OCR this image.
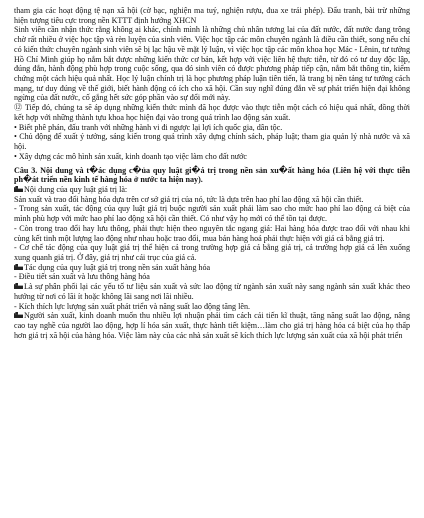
tham gia các hoạt động tệ nạn xã hội (cờ bạc, nghiện ma tuý, nghiện rượu, đua xe trái phép). Đấu tranh, bài trừ những hiện tượng tiêu cực trong nền KTTT định hướng XHCN

Sinh viên cần nhận thức rằng không ai khác, chính mình là những chủ nhân tương lai của đất nước, đất nước đang trông chờ rất nhiều ở việc học tập và rèn luyện của sinh viên. Việc học tập các môn chuyên ngành là điều cần thiết, song nếu chỉ có kiến thức chuyên ngành sinh viên sẽ bị lạc hậu về mặt lý luận, vì việc học tập các môn khoa học Mác - Lênin, tư tưởng Hồ Chí Minh giúp họ nắm bắt được những kiến thức cơ bản, kết hợp với việc liên hệ thực tiễn, từ đó có tư duy độc lập, đúng đắn, hành động phù hợp trong cuộc sống, qua đó sinh viên có được phương pháp tiếp cận, nắm bắt thông tin, kiểm chứng một cách hiệu quả nhất. Học lý luận chính trị là học phương pháp luận tiên tiến, là trang bị nền tảng tư tưởng cách mạng, tư duy đúng về thế giới, biết hành động có ích cho xã hội. Cần suy nghĩ đúng đắn về sự phát triển hiện đại không ngừng của đất nước, cố gắng hết sức góp phần vào sự đổi mới này.

⑫ Tiếp đó, chúng ta sẽ áp dụng những kiến thức mình đã học được vào thực tiễn một cách có hiệu quả nhất, đồng thời kết hợp với những thành tựu khoa học hiện đại vào trong quá trình lao động sản xuất.

• Biết phê phán, đấu tranh với những hành vi đi ngược lại lợi ích quốc gia, dân tộc.

• Chủ động để xuất ý tưởng, sáng kiến trong quá trình xây dựng chính sách, pháp luật; tham gia quản lý nhà nước và xã hội.

• Xây dựng các mô hình sản xuất, kinh doanh tạo việc làm cho đất nước

Câu 3. Nội dung và t�ác dụng c�ủa quy luật gi�á trị trong nền sản xu�ất hàng hóa (Liên hệ với thực tiễn ph�át triển nền kinh tế hàng hóa ở nước ta hiện nay).

Nội dung của quy luật giá trị là:

Sản xuất và trao đổi hàng hóa dựa trên cơ sở giá trị của nó, tức là dựa trên hao phí lao động xã hội cần thiết.

- Trong sản xuất, tác động của quy luật giá trị buộc người sản xuất phải làm sao cho mức hao phí lao động cá biệt của mình phù hợp với mức hao phí lao động xã hội cần thiết. Có như vậy họ mới có thể tồn tại được.

- Còn trong trao đổi hay lưu thông, phải thực hiện theo nguyên tắc ngang giá: Hai hàng hóa được trao đổi với nhau khi cùng kết tinh một lượng lao động như nhau hoặc trao đổi, mua bán hàng hoá phải thực hiện với giá cả bằng giá trị.

- Cơ chế tác động của quy luật giá trị thể hiện cả trong trường hợp giá cả bằng giá trị, cả trường hợp giá cả lên xuống xung quanh giá trị. Ở đây, giá trị như cái trục của giá cả.

Tác dụng của quy luật giá trị trong nền sản xuất hàng hóa

- Điều tiết sản xuất và lưu thông hàng hóa

Là sự phân phối lại các yếu tố tư liệu sản xuất và sức lao động từ ngành sản xuất này sang ngành sản xuất khác theo hướng từ nơi có lãi ít hoặc không lãi sang nơi lãi nhiều.

- Kích thích lực lượng sản xuất phát triển và năng suất lao động tăng lên.

Người sản xuất, kinh doanh muốn thu nhiều lợi nhuận phải tìm cách cải tiến kĩ thuật, tăng năng suất lao động, nâng cao tay nghề của người lao động, hợp lí hóa sản xuất, thực hành tiết kiệm…làm cho giá trị hàng hóa cá biệt của họ thấp hơn giá trị xã hội của hàng hóa. Việc làm này của các nhà sản xuất sẽ kích thích lực lượng sản xuất của xã hội phát triển
